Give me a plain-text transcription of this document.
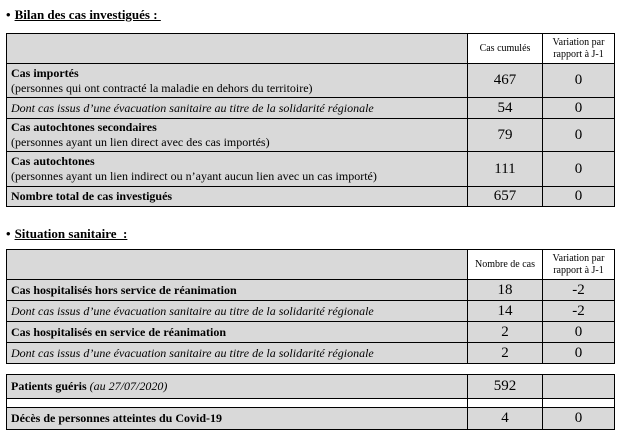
• Bilan des cas investigués :
	Cas cumulés	Variation par rapport à J-1

Cas importés
(personnes qui ont contracté la maladie en dehors du territoire)	467	0
Dont cas issus d’une évacuation sanitaire au titre de la solidarité régionale	54	0

Cas autochtones secondaires
(personnes ayant un lien direct avec des cas importés)	79	0

Cas autochtones
(personnes ayant un lien indirect ou n’ayant aucun lien avec un cas importé)	111	0
Nombre total de cas investigués	657	0
• Situation sanitaire  :
	Nombre de cas	Variation par rapport à J-1
Cas hospitalisés hors service de réanimation	18	-2
Dont cas issus d’une évacuation sanitaire au titre de la solidarité régionale	14	-2
Cas hospitalisés en service de réanimation	2	0
Dont cas issus d’une évacuation sanitaire au titre de la solidarité régionale	2	0
Patients guéris (au 27/07/2020)	592	

Décès de personnes atteintes du Covid-19	4	0
